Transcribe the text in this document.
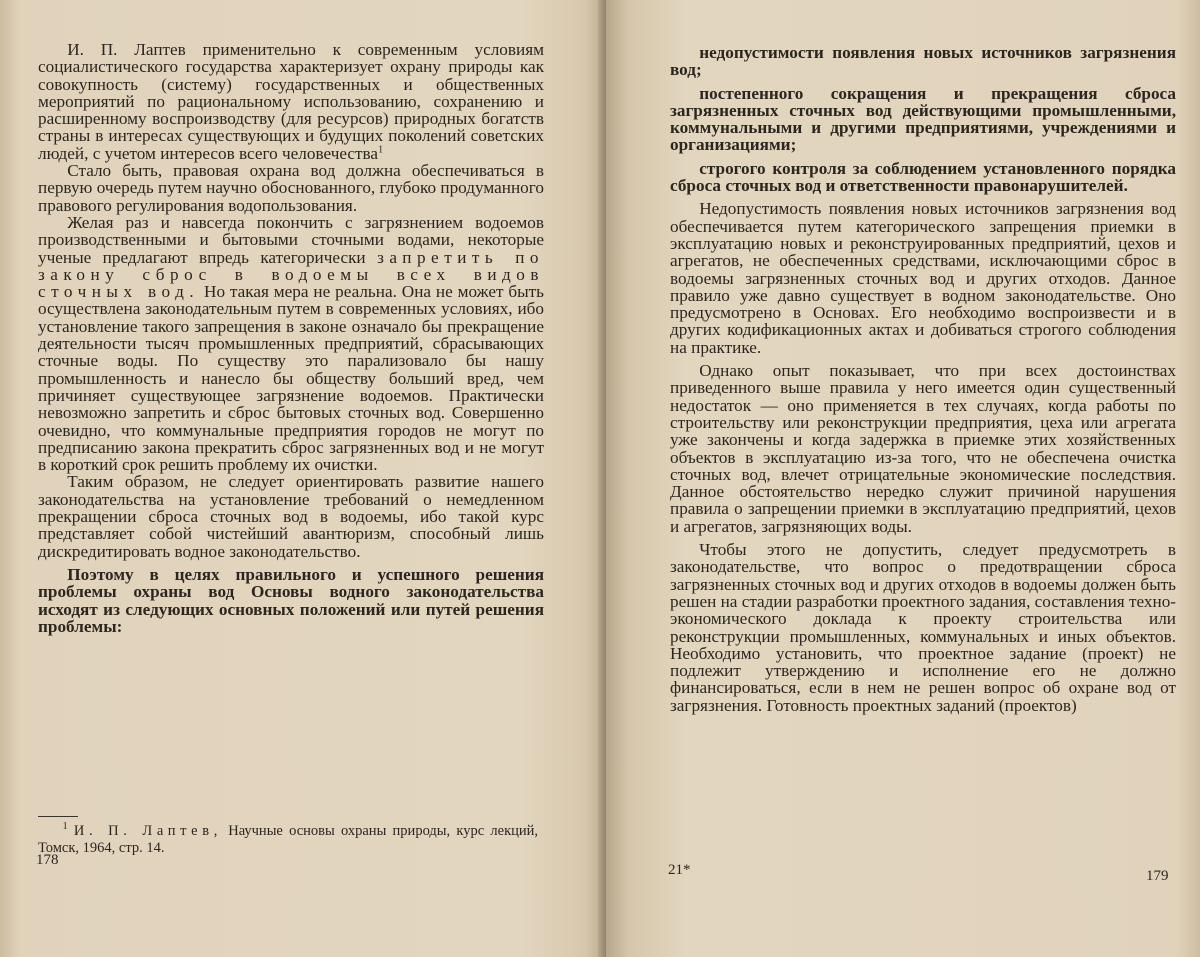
И. П. Лаптев применительно к современным условиям социалистического государства характеризует охрану природы как совокупность (систему) государственных и общественных мероприятий по рациональному использованию, сохранению и расширенному воспроизводству (для ресурсов) природных богатств страны в интересах существующих и будущих поколений советских людей, с учетом интересов всего человечества$^1$

Стало быть, правовая охрана вод должна обеспечиваться в первую очередь путем научно обоснованного, глубоко продуманного правового регулирования водопользования.

Желая раз и навсегда покончить с загрязнением водоемов производственными и бытовыми сточными водами, некоторые ученые предлагают впредь категорически запретить по закону сброс в водоемы всех видов сточных вод. Но такая мера не реальна. Она не может быть осуществлена законодательным путем в современных условиях, ибо установление такого запрещения в законе означало бы прекращение деятельности тысяч промышленных предприятий, сбрасывающих сточные воды. По существу это парализовало бы нашу промышленность и нанесло бы обществу больший вред, чем причиняет существующее загрязнение водоемов. Практически невозможно запретить и сброс бытовых сточных вод. Совершенно очевидно, что коммунальные предприятия городов не могут по предписанию закона прекратить сброс загрязненных вод и не могут в короткий срок решить проблему их очистки.

Таким образом, не следует ориентировать развитие нашего законодательства на установление требований о немедленном прекращении сброса сточных вод в водоемы, ибо такой курс представляет собой чистейший авантюризм, способный лишь дискредитировать водное законодательство.

Поэтому в целях правильного и успешного решения проблемы охраны вод Основы водного законодательства исходят из следующих основных положений или путей решения проблемы:

$^1$ И. П. Лаптев, Научные основы охраны природы, курс лекций, Томск, 1964, стр. 14.
178

недопустимости появления новых источников загрязнения вод;

постепенного сокращения и прекращения сброса загрязненных сточных вод действующими промышленными, коммунальными и другими предприятиями, учреждениями и организациями;

строгого контроля за соблюдением установленного порядка сброса сточных вод и ответственности правонарушителей.

Недопустимость появления новых источников загрязнения вод обеспечивается путем категорического запрещения приемки в эксплуатацию новых и реконструированных предприятий, цехов и агрегатов, не обеспеченных средствами, исключающими сброс в водоемы загрязненных сточных вод и других отходов. Данное правило уже давно существует в водном законодательстве. Оно предусмотрено в Основах. Его необходимо воспроизвести и в других кодификационных актах и добиваться строгого соблюдения на практике.

Однако опыт показывает, что при всех достоинствах приведенного выше правила у него имеется один существенный недостаток — оно применяется в тех случаях, когда работы по строительству или реконструкции предприятия, цеха или агрегата уже закончены и когда задержка в приемке этих хозяйственных объектов в эксплуатацию из-за того, что не обеспечена очистка сточных вод, влечет отрицательные экономические последствия. Данное обстоятельство нередко служит причиной нарушения правила о запрещении приемки в эксплуатацию предприятий, цехов и агрегатов, загрязняющих воды.

Чтобы этого не допустить, следует предусмотреть в законодательстве, что вопрос о предотвращении сброса загрязненных сточных вод и других отходов в водоемы должен быть решен на стадии разработки проектного задания, составления техно-экономического доклада к проекту строительства или реконструкции промышленных, коммунальных и иных объектов. Необходимо установить, что проектное задание (проект) не подлежит утверждению и исполнение его не должно финансироваться, если в нем не решен вопрос об охране вод от загрязнения. Готовность проектных заданий (проектов)

21*	179
